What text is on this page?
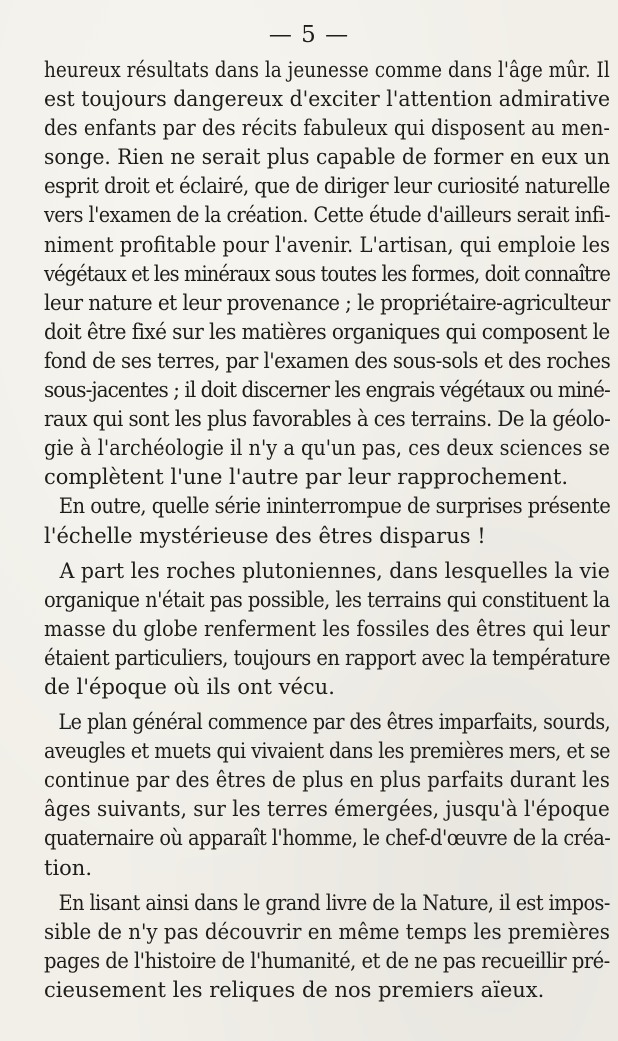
— 5 —
heureux résultats dans la jeunesse comme dans l'âge mûr. Il
est toujours dangereux d'exciter l'attention admirative
des enfants par des récits fabuleux qui disposent au men-
songe. Rien ne serait plus capable de former en eux un
esprit droit et éclairé, que de diriger leur curiosité naturelle
vers l'examen de la création. Cette étude d'ailleurs serait infi-
niment profitable pour l'avenir. L'artisan, qui emploie les
végétaux et les minéraux sous toutes les formes, doit connaître
leur nature et leur provenance ; le propriétaire-agriculteur
doit être fixé sur les matières organiques qui composent le
fond de ses terres, par l'examen des sous-sols et des roches
sous-jacentes ; il doit discerner les engrais végétaux ou miné-
raux qui sont les plus favorables à ces terrains. De la géolo-
gie à l'archéologie il n'y a qu'un pas, ces deux sciences se
complètent l'une l'autre par leur rapprochement.
En outre, quelle série ininterrompue de surprises présente
l'échelle mystérieuse des êtres disparus !
A part les roches plutoniennes, dans lesquelles la vie
organique n'était pas possible, les terrains qui constituent la
masse du globe renferment les fossiles des êtres qui leur
étaient particuliers, toujours en rapport avec la température
de l'époque où ils ont vécu.
Le plan général commence par des êtres imparfaits, sourds,
aveugles et muets qui vivaient dans les premières mers, et se
continue par des êtres de plus en plus parfaits durant les
âges suivants, sur les terres émergées, jusqu'à l'époque
quaternaire où apparaît l'homme, le chef-d'œuvre de la créa-
tion.
En lisant ainsi dans le grand livre de la Nature, il est impos-
sible de n'y pas découvrir en même temps les premières
pages de l'histoire de l'humanité, et de ne pas recueillir pré-
cieusement les reliques de nos premiers aïeux.
